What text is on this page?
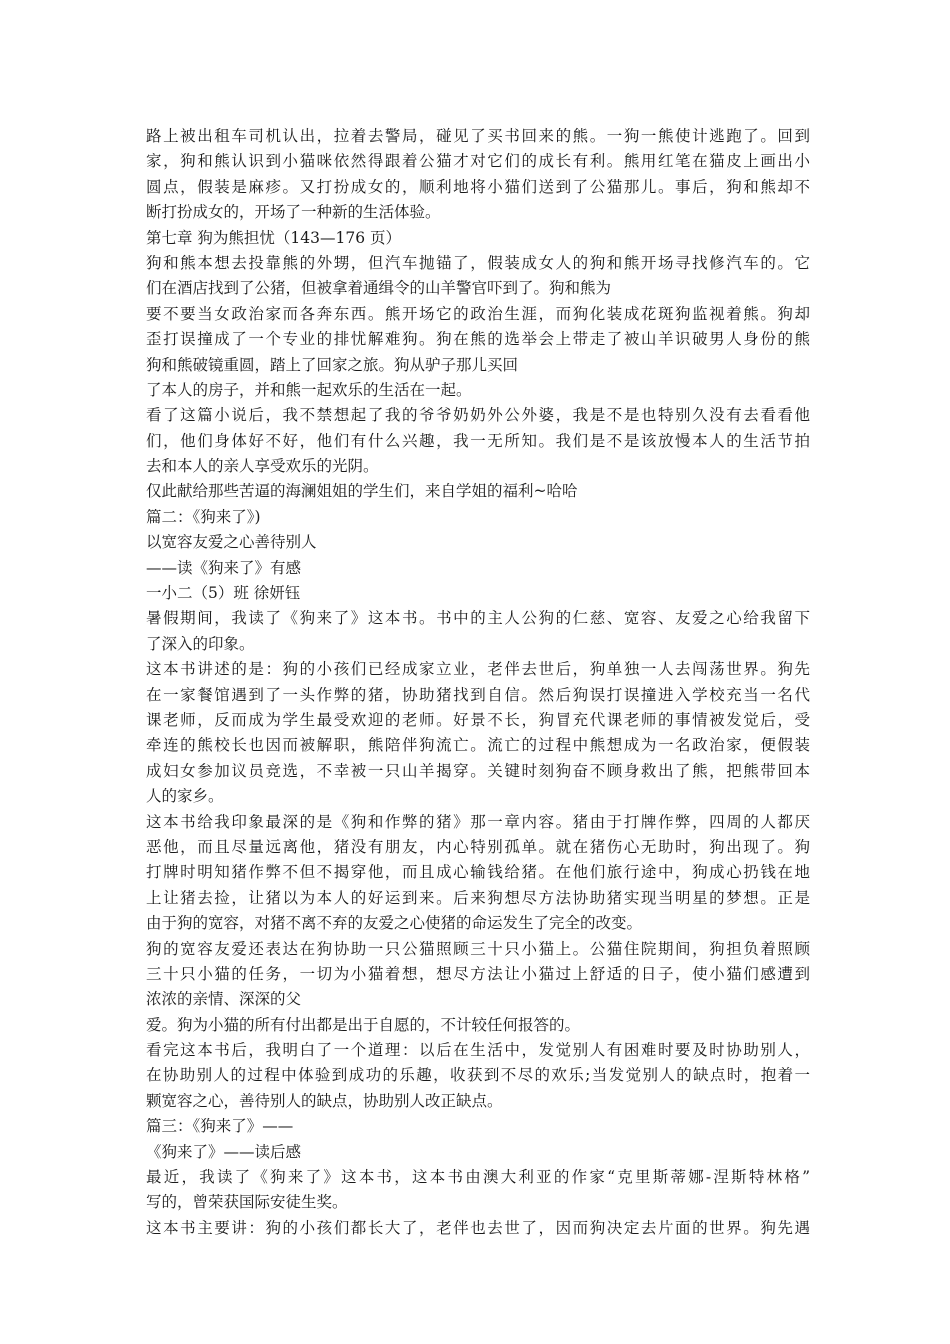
路上被出租车司机认出，拉着去警局，碰见了买书回来的熊。一狗一熊使计逃跑了。回到
家，狗和熊认识到小猫咪依然得跟着公猫才对它们的成长有利。熊用红笔在猫皮上画出小
圆点，假装是麻疹。又打扮成女的，顺利地将小猫们送到了公猫那儿。事后，狗和熊却不
断打扮成女的，开场了一种新的生活体验。
第七章 狗为熊担忧（143—176 页）
狗和熊本想去投靠熊的外甥，但汽车抛锚了，假装成女人的狗和熊开场寻找修汽车的。它
们在酒店找到了公猪，但被拿着通缉令的山羊警官吓到了。狗和熊为
要不要当女政治家而各奔东西。熊开场它的政治生涯，而狗化装成花斑狗监视着熊。狗却
歪打误撞成了一个专业的排忧解难狗。狗在熊的选举会上带走了被山羊识破男人身份的熊
狗和熊破镜重圆，踏上了回家之旅。狗从驴子那儿买回
了本人的房子，并和熊一起欢乐的生活在一起。
看了这篇小说后，我不禁想起了我的爷爷奶奶外公外婆，我是不是也特别久没有去看看他
们，他们身体好不好，他们有什么兴趣，我一无所知。我们是不是该放慢本人的生活节拍
去和本人的亲人享受欢乐的光阴。
仅此献给那些苦逼的海澜姐姐的学生们，来自学姐的福利~哈哈
篇二：《狗来了》)
以宽容友爱之心善待别人
——读《狗来了》有感
一小二（5）班 徐妍钰
暑假期间，我读了《狗来了》这本书。书中的主人公狗的仁慈、宽容、友爱之心给我留下
了深入的印象。
这本书讲述的是：狗的小孩们已经成家立业，老伴去世后，狗单独一人去闯荡世界。狗先
在一家餐馆遇到了一头作弊的猪，协助猪找到自信。然后狗误打误撞进入学校充当一名代
课老师，反而成为学生最受欢迎的老师。好景不长，狗冒充代课老师的事情被发觉后，受
牵连的熊校长也因而被解职，熊陪伴狗流亡。流亡的过程中熊想成为一名政治家，便假装
成妇女参加议员竞选，不幸被一只山羊揭穿。关键时刻狗奋不顾身救出了熊，把熊带回本
人的家乡。
这本书给我印象最深的是《狗和作弊的猪》那一章内容。猪由于打牌作弊，四周的人都厌
恶他，而且尽量远离他，猪没有朋友，内心特别孤单。就在猪伤心无助时，狗出现了。狗
打牌时明知猪作弊不但不揭穿他，而且成心输钱给猪。在他们旅行途中，狗成心扔钱在地
上让猪去捡，让猪以为本人的好运到来。后来狗想尽方法协助猪实现当明星的梦想。正是
由于狗的宽容，对猪不离不弃的友爱之心使猪的命运发生了完全的改变。
狗的宽容友爱还表达在狗协助一只公猫照顾三十只小猫上。公猫住院期间，狗担负着照顾
三十只小猫的任务，一切为小猫着想，想尽方法让小猫过上舒适的日子，使小猫们感遭到
浓浓的亲情、深深的父
爱。狗为小猫的所有付出都是出于自愿的，不计较任何报答的。
看完这本书后，我明白了一个道理：以后在生活中，发觉别人有困难时要及时协助别人，
在协助别人的过程中体验到成功的乐趣，收获到不尽的欢乐;当发觉别人的缺点时，抱着一
颗宽容之心，善待别人的缺点，协助别人改正缺点。
篇三：《狗来了》——
《狗来了》——读后感
最近，我读了《狗来了》这本书，这本书由澳大利亚的作家“克里斯蒂娜-涅斯特林格”
写的，曾荣获国际安徒生奖。
这本书主要讲：狗的小孩们都长大了，老伴也去世了，因而狗决定去片面的世界。狗先遇
